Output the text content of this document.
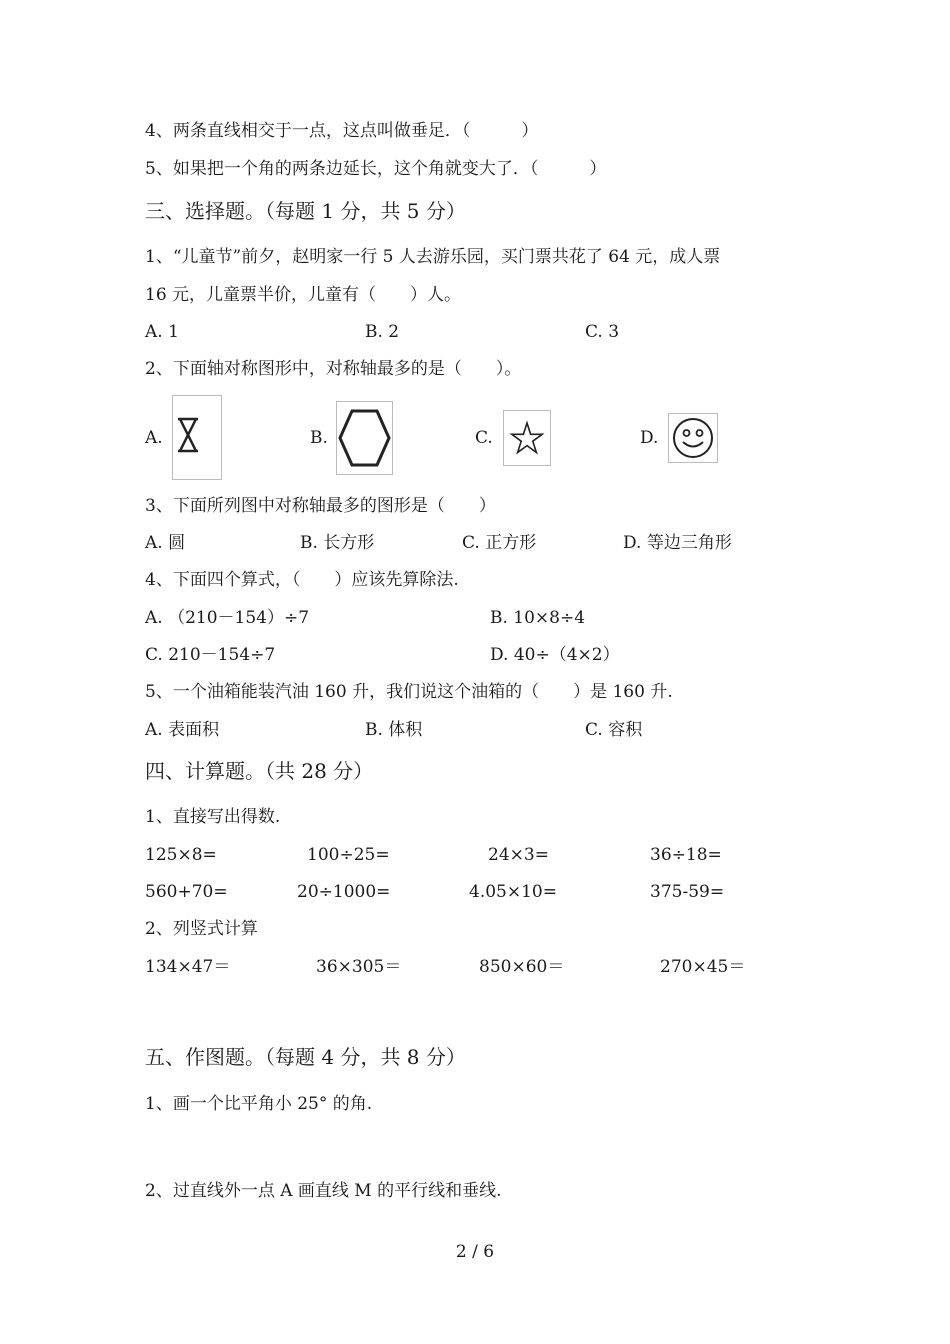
4、两条直线相交于一点，这点叫做垂足．（　　　）
5、如果把一个角的两条边延长，这个角就变大了．（　　　）
三、选择题。（每题 1 分，共 5 分）
1、“儿童节”前夕，赵明家一行 5 人去游乐园，买门票共花了 64 元，成人票
16 元，儿童票半价，儿童有（　　）人。
A. 1	B. 2	C. 3
2、下面轴对称图形中，对称轴最多的是（　　）。
A.	B.	C.	D.
3、下面所列图中对称轴最多的图形是（　　）
A. 圆	B. 长方形	C. 正方形	D. 等边三角形
4、下面四个算式，（　　）应该先算除法.
A. （210－154）÷7	B. 10×8÷4
C. 210－154÷7	D. 40÷（4×2）
5、一个油箱能装汽油 160 升，我们说这个油箱的（　　）是 160 升.
A. 表面积	B. 体积	C. 容积
四、计算题。（共 28 分）
1、直接写出得数.
125×8=	100÷25=	24×3=	36÷18=
560+70=	20÷1000=	4.05×10=	375-59=
2、列竖式计算
134×47＝	36×305＝	850×60＝	270×45＝
五、作图题。（每题 4 分，共 8 分）
1、画一个比平角小 25° 的角.
2、过直线外一点 A 画直线 M 的平行线和垂线.
2 / 6
